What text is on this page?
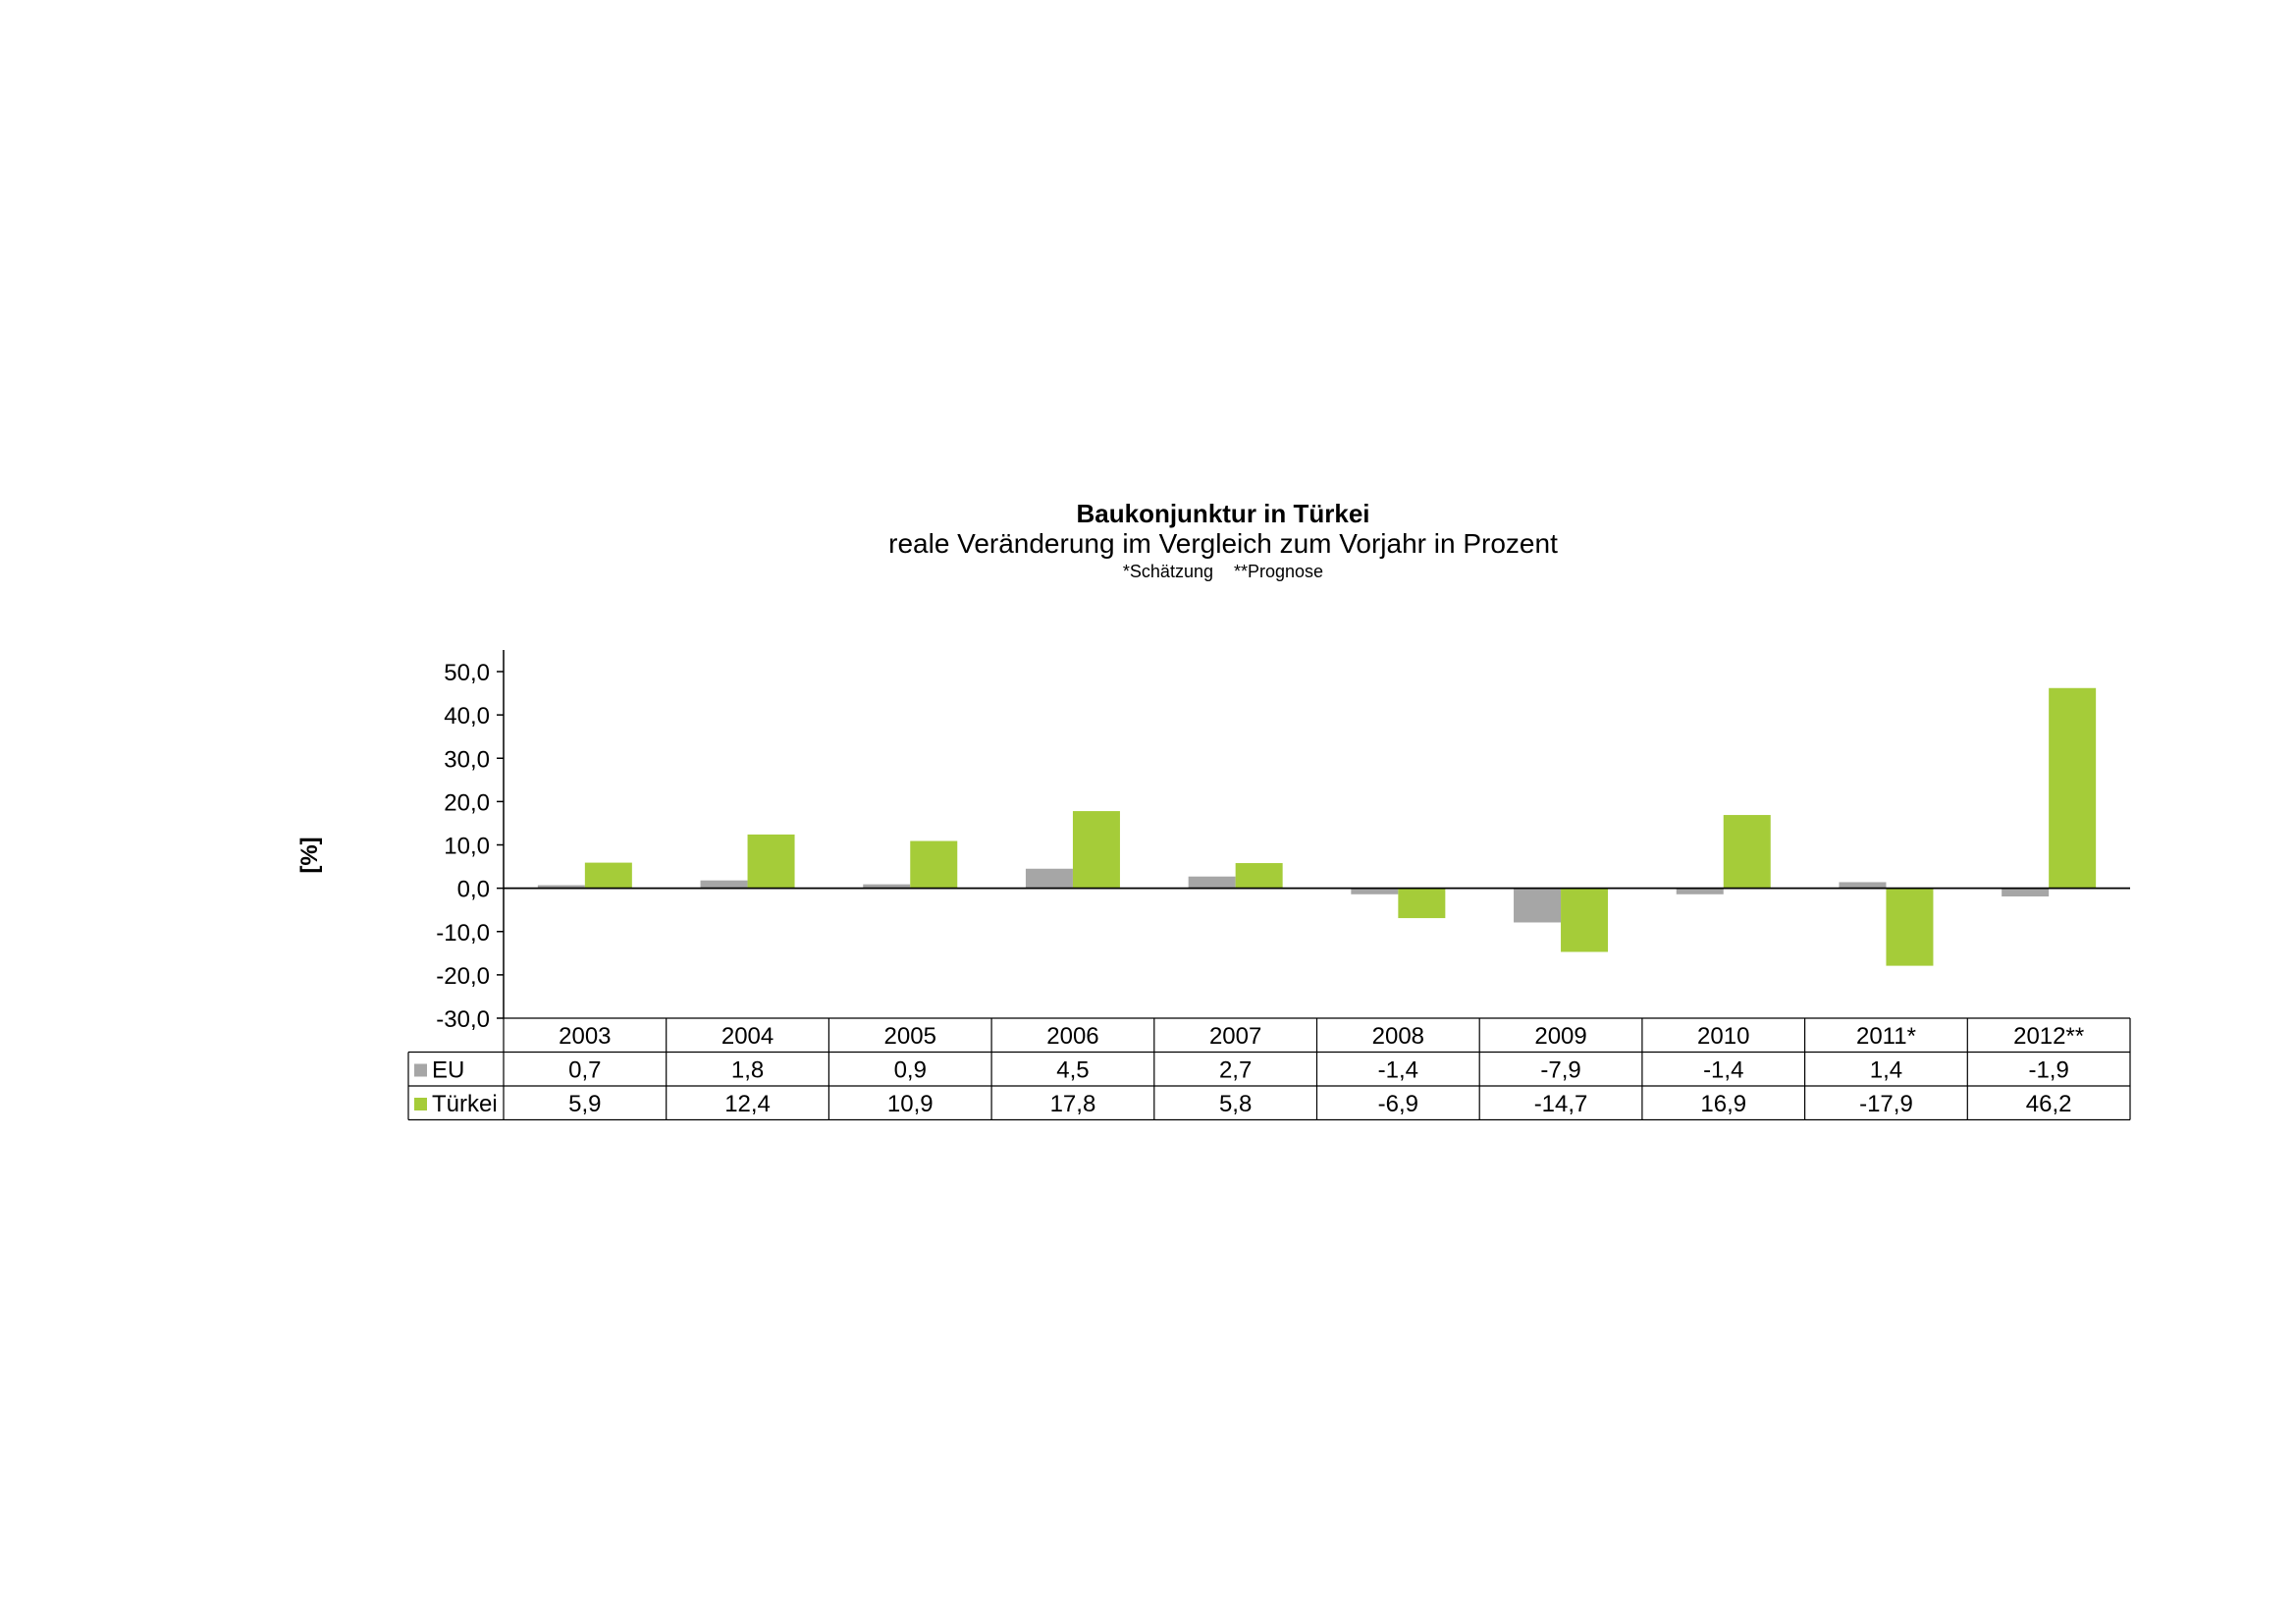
Baukonjunktur in Türkei
reale Veränderung im Vergleich zum Vorjahr in Prozent
*Schätzung **Prognose
[%]
50,0
40,0
30,0
20,0
10,0
0,0
-10,0
-20,0
-30,0
2003	2004	2005	2006	2007	2008	2009	2010	2011*	2012**
EU	0,7	1,8	0,9	4,5	2,7	-1,4	-7,9	-1,4	1,4	-1,9
Türkei	5,9	12,4	10,9	17,8	5,8	-6,9	-14,7	16,9	-17,9	46,2
